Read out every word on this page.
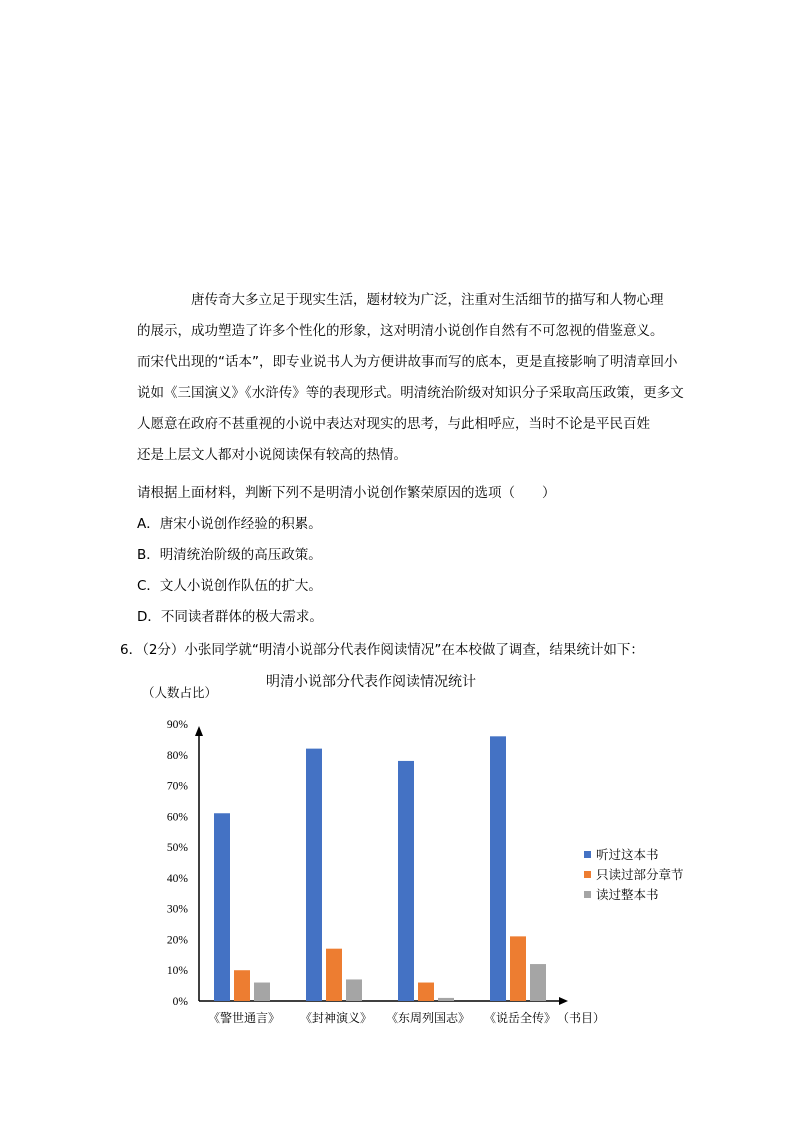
唐传奇大多立足于现实生活，题材较为广泛，注重对生活细节的描写和人物心理
的展示，成功塑造了许多个性化的形象，这对明清小说创作自然有不可忽视的借鉴意义。
而宋代出现的“话本”，即专业说书人为方便讲故事而写的底本，更是直接影响了明清章回小
说如《三国演义》《水浒传》等的表现形式。明清统治阶级对知识分子采取高压政策，更多文
人愿意在政府不甚重视的小说中表达对现实的思考，与此相呼应，当时不论是平民百姓
还是上层文人都对小说阅读保有较高的热情。

请根据上面材料，判断下列不是明清小说创作繁荣原因的选项（　　）

A．唐宋小说创作经验的积累。

B．明清统治阶级的高压政策。

C．文人小说创作队伍的扩大。

D．不同读者群体的极大需求。

6．（2分）小张同学就“明清小说部分代表作阅读情况”在本校做了调查，结果统计如下：

明清小说部分代表作阅读情况统计
（人数占比）
0%
10%
20%
30%
40%
50%
60%
70%
80%
90%
《警世通言》 《封神演义》 《东周列国志》 《说岳全传》 （书目）
听过这本书
只读过部分章节
读过整本书
